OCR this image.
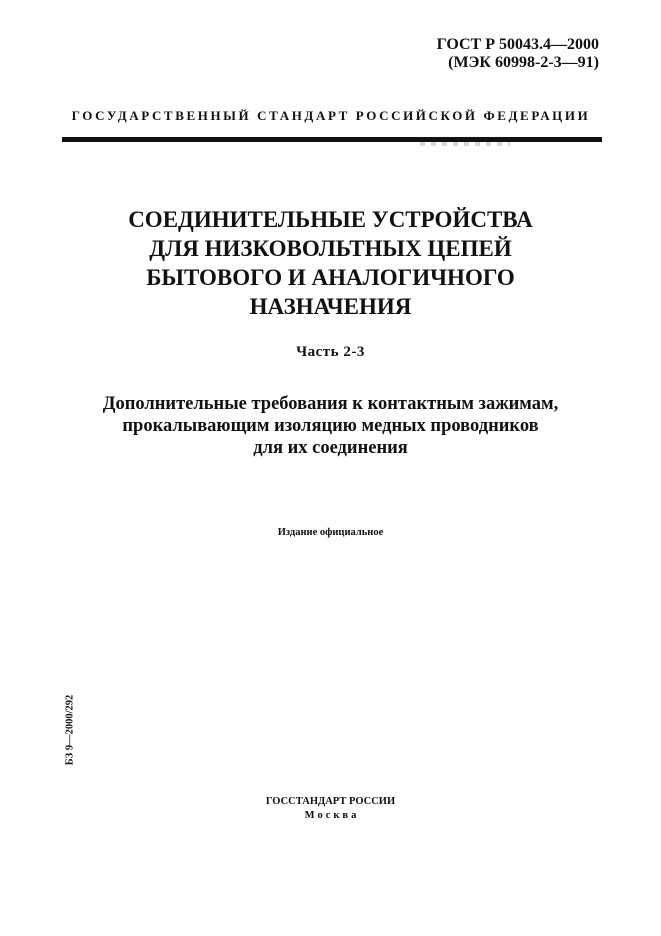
ГОСТ Р 50043.4—2000
(МЭК 60998-2-3—91)
ГОСУДАРСТВЕННЫЙ СТАНДАРТ РОССИЙСКОЙ ФЕДЕРАЦИИ
СОЕДИНИТЕЛЬНЫЕ УСТРОЙСТВА
ДЛЯ НИЗКОВОЛЬТНЫХ ЦЕПЕЙ
БЫТОВОГО И АНАЛОГИЧНОГО
НАЗНАЧЕНИЯ
Часть 2-3
Дополнительные требования к контактным зажимам,
прокалывающим изоляцию медных проводников
для их соединения
Издание официальное
БЗ 9—2000/292
ГОССТАНДАРТ РОССИИ
Москва
